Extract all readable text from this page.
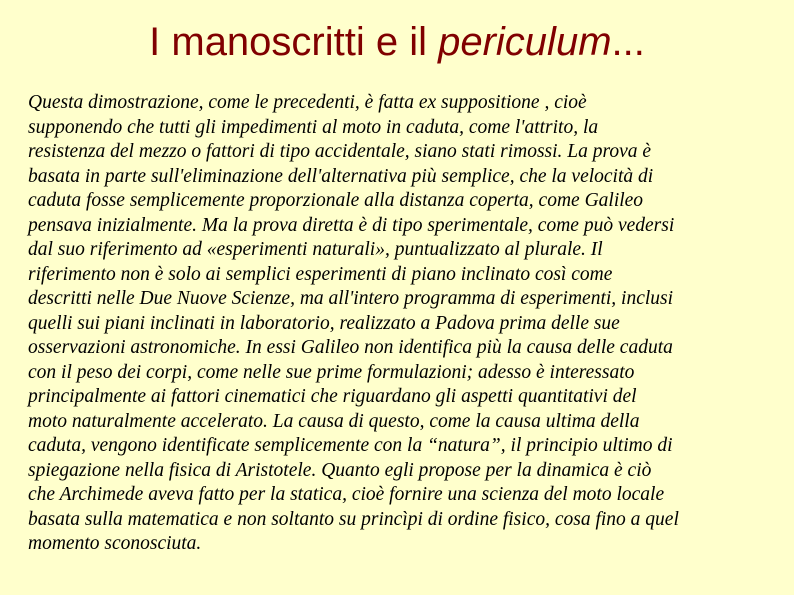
I manoscritti e il periculum...
Questa dimostrazione, come le precedenti, è fatta ex suppositione , cioè
supponendo che tutti gli impedimenti al moto in caduta, come l'attrito, la
resistenza del mezzo o fattori di tipo accidentale, siano stati rimossi. La prova è
basata in parte sull'eliminazione dell'alternativa più semplice, che la velocità di
caduta fosse semplicemente proporzionale alla distanza coperta, come Galileo
pensava inizialmente. Ma la prova diretta è di tipo sperimentale, come può vedersi
dal suo riferimento ad «esperimenti naturali», puntualizzato al plurale. Il
riferimento non è solo ai semplici esperimenti di piano inclinato così come
descritti nelle Due Nuove Scienze, ma all'intero programma di esperimenti, inclusi
quelli sui piani inclinati in laboratorio, realizzato a Padova prima delle sue
osservazioni astronomiche. In essi Galileo non identifica più la causa delle caduta
con il peso dei corpi, come nelle sue prime formulazioni; adesso è interessato
principalmente ai fattori cinematici che riguardano gli aspetti quantitativi del
moto naturalmente accelerato. La causa di questo, come la causa ultima della
caduta, vengono identificate semplicemente con la “natura”, il principio ultimo di
spiegazione nella fisica di Aristotele. Quanto egli propose per la dinamica è ciò
che Archimede aveva fatto per la statica, cioè fornire una scienza del moto locale
basata sulla matematica e non soltanto su princìpi di ordine fisico, cosa fino a quel
momento sconosciuta.
